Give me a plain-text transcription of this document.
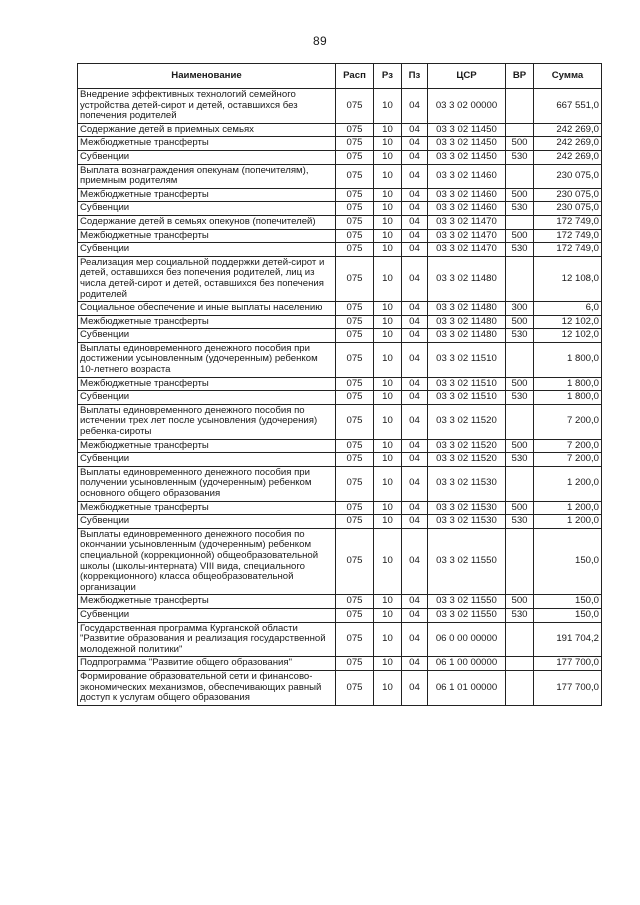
89
Наименование	Расп	Рз	Пз	ЦСР	ВР	Сумма
Внедрение эффективных технологий семейного устройства детей-сирот и детей, оставшихся без попечения родителей	075	10	04	03 3 02 00000		667 551,0
Содержание детей в приемных семьях	075	10	04	03 3 02 11450		242 269,0
Межбюджетные трансферты	075	10	04	03 3 02 11450	500	242 269,0
Субвенции	075	10	04	03 3 02 11450	530	242 269,0
Выплата вознаграждения опекунам (попечителям), приемным родителям	075	10	04	03 3 02 11460		230 075,0
Межбюджетные трансферты	075	10	04	03 3 02 11460	500	230 075,0
Субвенции	075	10	04	03 3 02 11460	530	230 075,0
Содержание детей в семьях опекунов (попечителей)	075	10	04	03 3 02 11470		172 749,0
Межбюджетные трансферты	075	10	04	03 3 02 11470	500	172 749,0
Субвенции	075	10	04	03 3 02 11470	530	172 749,0
Реализация мер социальной поддержки детей-сирот и детей, оставшихся без попечения родителей, лиц из числа детей-сирот и детей, оставшихся без попечения родителей	075	10	04	03 3 02 11480		12 108,0
Социальное обеспечение и иные выплаты населению	075	10	04	03 3 02 11480	300	6,0
Межбюджетные трансферты	075	10	04	03 3 02 11480	500	12 102,0
Субвенции	075	10	04	03 3 02 11480	530	12 102,0
Выплаты единовременного денежного пособия при достижении усыновленным (удочеренным) ребенком 10-летнего возраста	075	10	04	03 3 02 11510		1 800,0
Межбюджетные трансферты	075	10	04	03 3 02 11510	500	1 800,0
Субвенции	075	10	04	03 3 02 11510	530	1 800,0
Выплаты единовременного денежного пособия по истечении трех лет после усыновления (удочерения) ребенка-сироты	075	10	04	03 3 02 11520		7 200,0
Межбюджетные трансферты	075	10	04	03 3 02 11520	500	7 200,0
Субвенции	075	10	04	03 3 02 11520	530	7 200,0
Выплаты единовременного денежного пособия при получении усыновленным (удочеренным) ребенком основного общего образования	075	10	04	03 3 02 11530		1 200,0
Межбюджетные трансферты	075	10	04	03 3 02 11530	500	1 200,0
Субвенции	075	10	04	03 3 02 11530	530	1 200,0
Выплаты единовременного денежного пособия по окончании усыновленным (удочеренным) ребенком специальной (коррекционной) общеобразовательной школы (школы-интерната) VIII вида, специального (коррекционного) класса общеобразовательной организации	075	10	04	03 3 02 11550		150,0
Межбюджетные трансферты	075	10	04	03 3 02 11550	500	150,0
Субвенции	075	10	04	03 3 02 11550	530	150,0
Государственная программа Курганской области "Развитие образования и реализация государственной молодежной политики"	075	10	04	06 0 00 00000		191 704,2
Подпрограмма "Развитие общего образования"	075	10	04	06 1 00 00000		177 700,0
Формирование образовательной сети и финансово-экономических механизмов, обеспечивающих равный доступ к услугам общего образования	075	10	04	06 1 01 00000		177 700,0
